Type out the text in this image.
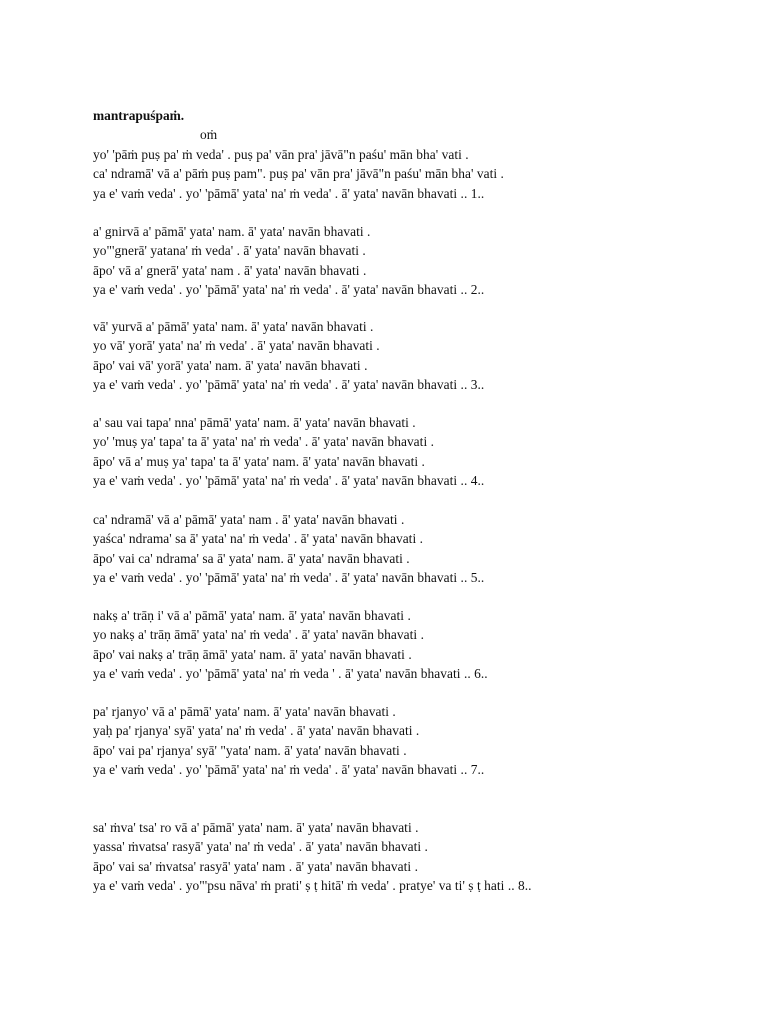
mantrapuśpaṁ.
oṁ
yo' 'pāṁ puṣ pa' ṁ veda' . puṣ pa' vān pra' jāvā"n paśu' mān bha' vati .
ca' ndramā' vā a' pāṁ puṣ pam". puṣ pa' vān pra' jāvā"n paśu' mān bha' vati .
ya e' vaṁ veda' . yo' 'pāmā' yata' na' ṁ veda' . ā' yata' navān bhavati .. 1..
a' gnirvā a' pāmā' yata' nam. ā' yata' navān bhavati .
yo"'gnerā' yatana' ṁ veda' . ā' yata' navān bhavati .
āpo' vā a' gnerā' yata' nam . ā' yata' navān bhavati .
ya e' vaṁ veda' . yo' 'pāmā' yata' na' ṁ veda' . ā' yata' navān bhavati .. 2..
vā' yurvā a' pāmā' yata' nam. ā' yata' navān bhavati .
yo vā' yorā' yata' na' ṁ veda' . ā' yata' navān bhavati .
āpo' vai vā' yorā' yata' nam. ā' yata' navān bhavati .
ya e' vaṁ veda' . yo' 'pāmā' yata' na' ṁ veda' . ā' yata' navān bhavati .. 3..
a' sau vai tapa' nna' pāmā' yata' nam. ā' yata' navān bhavati .
yo' 'muṣ ya' tapa' ta ā' yata' na' ṁ veda' . ā' yata' navān bhavati .
āpo' vā a' muṣ ya' tapa' ta ā' yata' nam. ā' yata' navān bhavati .
ya e' vaṁ veda' . yo' 'pāmā' yata' na' ṁ veda' . ā' yata' navān bhavati .. 4..
ca' ndramā' vā a' pāmā' yata' nam . ā' yata' navān bhavati .
yaśca' ndrama' sa ā' yata' na' ṁ veda' . ā' yata' navān bhavati .
āpo' vai ca' ndrama' sa ā' yata' nam. ā' yata' navān bhavati .
ya e' vaṁ veda' . yo' 'pāmā' yata' na' ṁ veda' . ā' yata' navān bhavati .. 5..
nakṣ a' trāṇ i' vā a' pāmā' yata' nam. ā' yata' navān bhavati .
yo nakṣ a' trāṇ āmā' yata' na' ṁ veda' . ā' yata' navān bhavati .
āpo' vai nakṣ a' trāṇ āmā' yata' nam. ā' yata' navān bhavati .
ya e' vaṁ veda' . yo' 'pāmā' yata' na' ṁ veda ' . ā' yata' navān bhavati .. 6..
pa' rjanyo' vā a' pāmā' yata' nam. ā' yata' navān bhavati .
yaḥ pa' rjanya' syā' yata' na' ṁ veda' . ā' yata' navān bhavati .
āpo' vai pa' rjanya' syā' "yata' nam. ā' yata' navān bhavati .
ya e' vaṁ veda' . yo' 'pāmā' yata' na' ṁ veda' . ā' yata' navān bhavati .. 7..
sa' ṁva' tsa' ro vā a' pāmā' yata' nam. ā' yata' navān bhavati .
yassa' ṁvatsa' rasyā' yata' na' ṁ veda' . ā' yata' navān bhavati .
āpo' vai sa' ṁvatsa' rasyā' yata' nam . ā' yata' navān bhavati .
ya e' vaṁ veda' . yo"'psu nāva' ṁ prati' ṣ ṭ hitā' ṁ veda' . pratye' va ti' ṣ ṭ hati .. 8..
